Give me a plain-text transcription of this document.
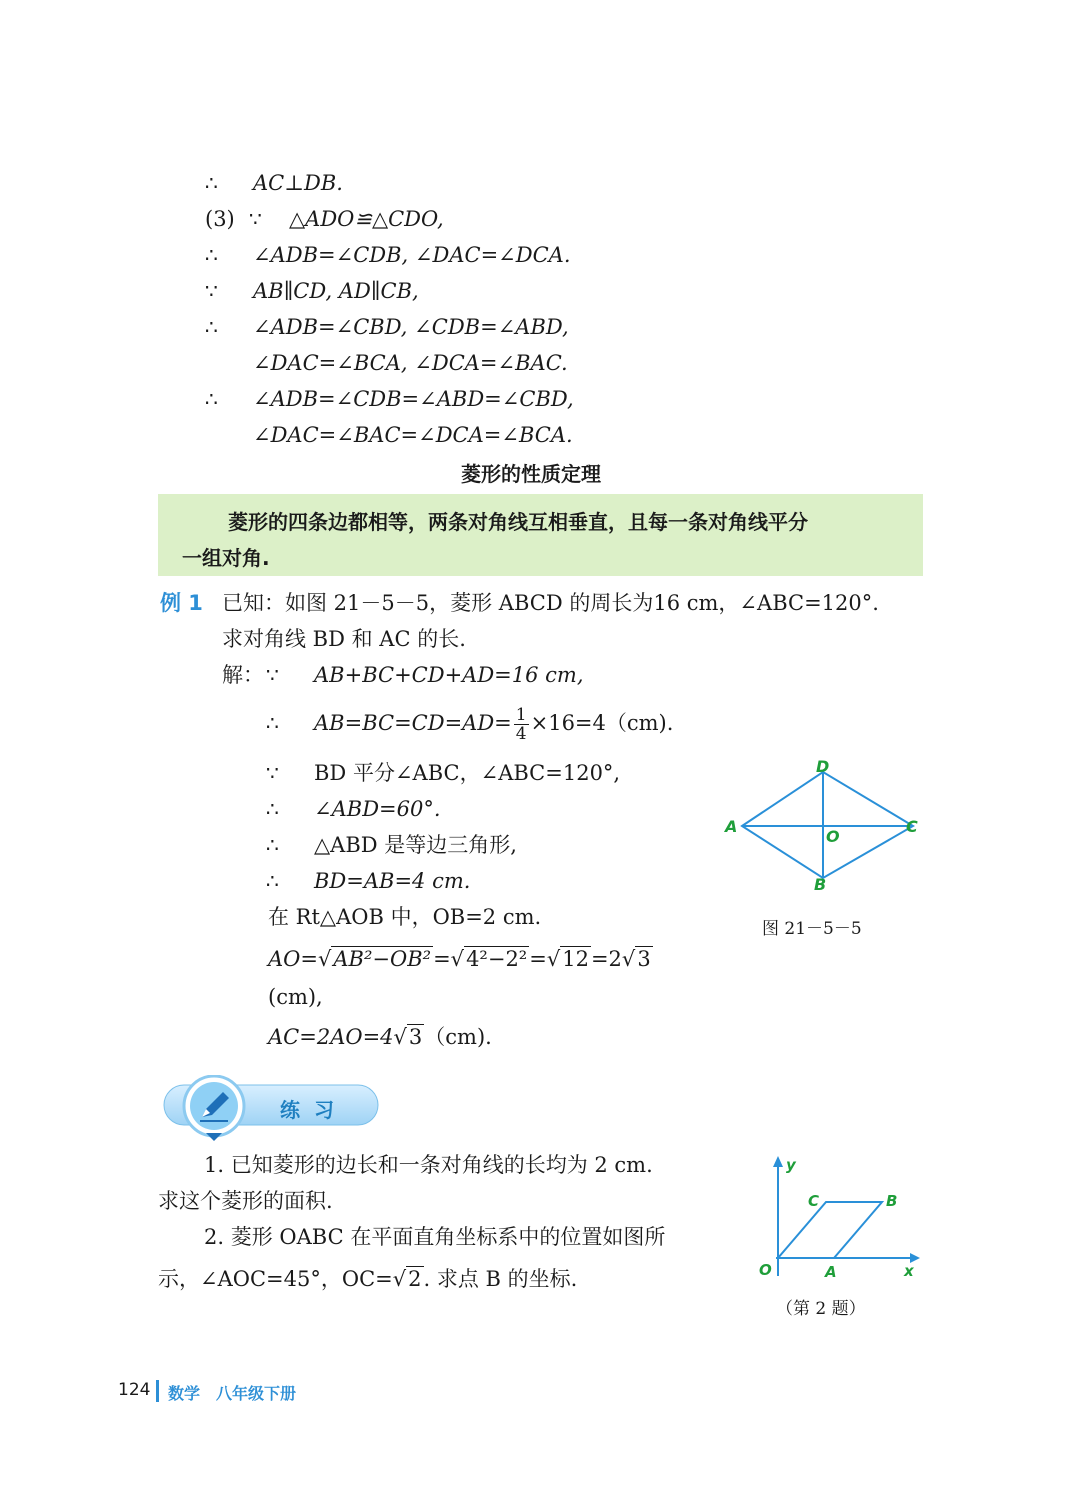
∴ AC⊥DB.
(3) ∵ △ADO≌△CDO,
∴ ∠ADB=∠CDB, ∠DAC=∠DCA.
∵ AB∥CD, AD∥CB,
∴ ∠ADB=∠CBD, ∠CDB=∠ABD,
∠DAC=∠BCA, ∠DCA=∠BAC.
∴ ∠ADB=∠CDB=∠ABD=∠CBD,
∠DAC=∠BAC=∠DCA=∠BCA.
菱形的性质定理
菱形的四条边都相等，两条对角线互相垂直，且每一条对角线平分
一组对角.
例 1 已知：如图 21－5－5，菱形 ABCD 的周长为16 cm，∠ABC=120°.
求对角线 BD 和 AC 的长.
解： ∵ AB+BC+CD+AD=16 cm,
∴ $AB=BC=CD=AD= \frac{1}{4} \times 16=4(cm)$.
∵ BD 平分∠ABC，∠ABC=120°,
∴ ∠ABD=60°.
∴ △ABD 是等边三角形,
∴ BD=AB=4 cm.
在 Rt△AOB 中，OB=2 cm.
AO=√AB²−OB²=√4²−2²=√12=2√3
(cm),
AC=2AO=4√3（cm).
A
D
C
B
O
图 21－5－5
练习
1. 已知菱形的边长和一条对角线的长均为 2 cm.
求这个菱形的面积.
2. 菱形 OABC 在平面直角坐标系中的位置如图所
示，∠AOC=45°，OC=√2. 求点 B 的坐标.
y
x
O	A
B
C
（第 2 题）
124 数学　八年级下册
